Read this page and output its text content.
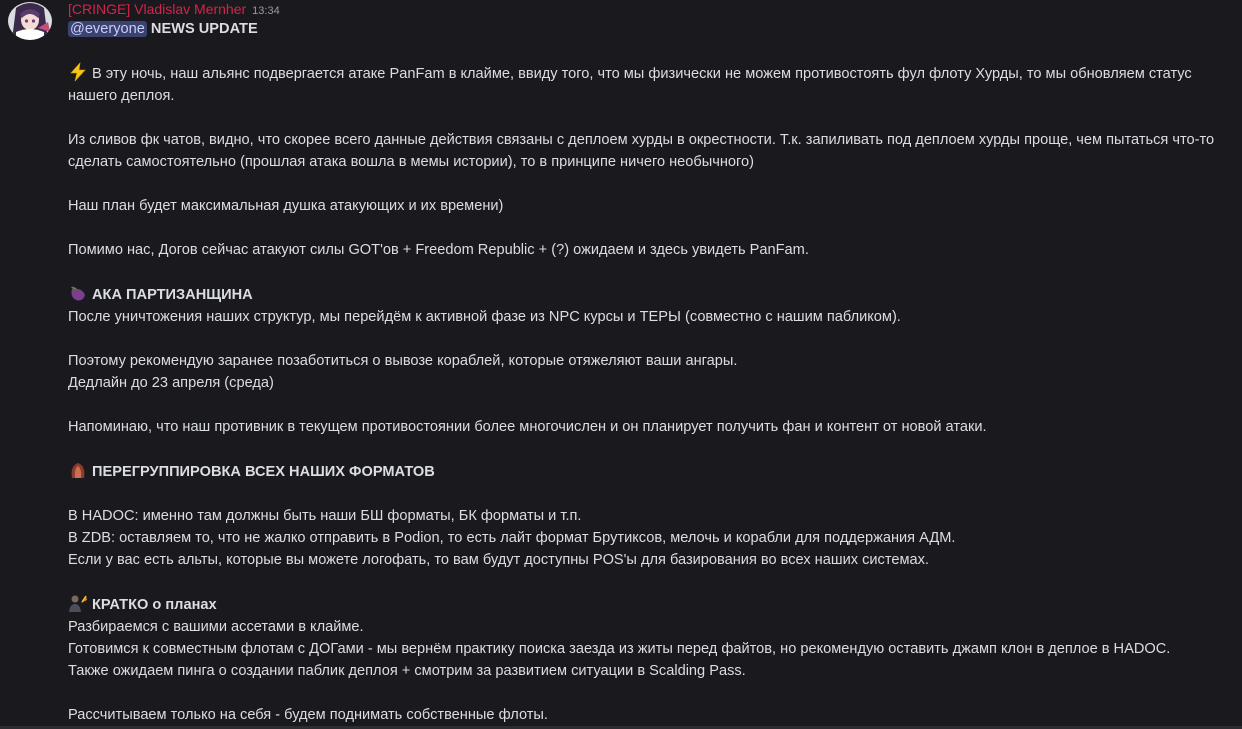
[CRINGE] Vladislav Mernher 13:34
@everyone NEWS UPDATE
В эту ночь, наш альянс подвергается атаке PanFam в клайме, ввиду того, что мы физически не можем противостоять фул флоту Хурды, то мы обновляем статус нашего деплоя.
Из сливов фк чатов, видно, что скорее всего данные действия связаны с деплоем хурды в окрестности. Т.к. запиливать под деплоем хурды проще, чем пытаться что-то сделать самостоятельно (прошлая атака вошла в мемы истории), то в принципе ничего необычного)
Наш план будет максимальная душка атакующих и их времени)
Помимо нас, Догов сейчас атакуют силы GOT'ов + Freedom Republic + (?) ожидаем и здесь увидеть PanFam.
АКА ПАРТИЗАНЩИНА
После уничтожения наших структур, мы перейдём к активной фазе из NPC курсы и ТЕРЫ (совместно с нашим пабликом).
Поэтому рекомендую заранее позаботиться о вывозе кораблей, которые отяжеляют ваши ангары.
Дедлайн до 23 апреля (среда)
Напоминаю, что наш противник в текущем противостоянии более многочислен и он планирует получить фан и контент от новой атаки.
ПЕРЕГРУППИРОВКА ВСЕХ НАШИХ ФОРМАТОВ
В HADOC: именно там должны быть наши БШ форматы, БК форматы и т.п.
В ZDB: оставляем то, что не жалко отправить в Podion, то есть лайт формат Брутиксов, мелочь и корабли для поддержания АДМ.
Если у вас есть альты, которые вы можете логофать, то вам будут доступны POS'ы для базирования во всех наших системах.
КРАТКО о планах
Разбираемся с вашими ассетами в клайме.
Готовимся к совместным флотам с ДОГами - мы вернём практику поиска заезда из житы перед файтов, но рекомендую оставить джамп клон в деплое в HADOC.
Также ожидаем пинга о создании паблик деплоя + смотрим за развитием ситуации в Scalding Pass.
Рассчитываем только на себя - будем поднимать собственные флоты.
